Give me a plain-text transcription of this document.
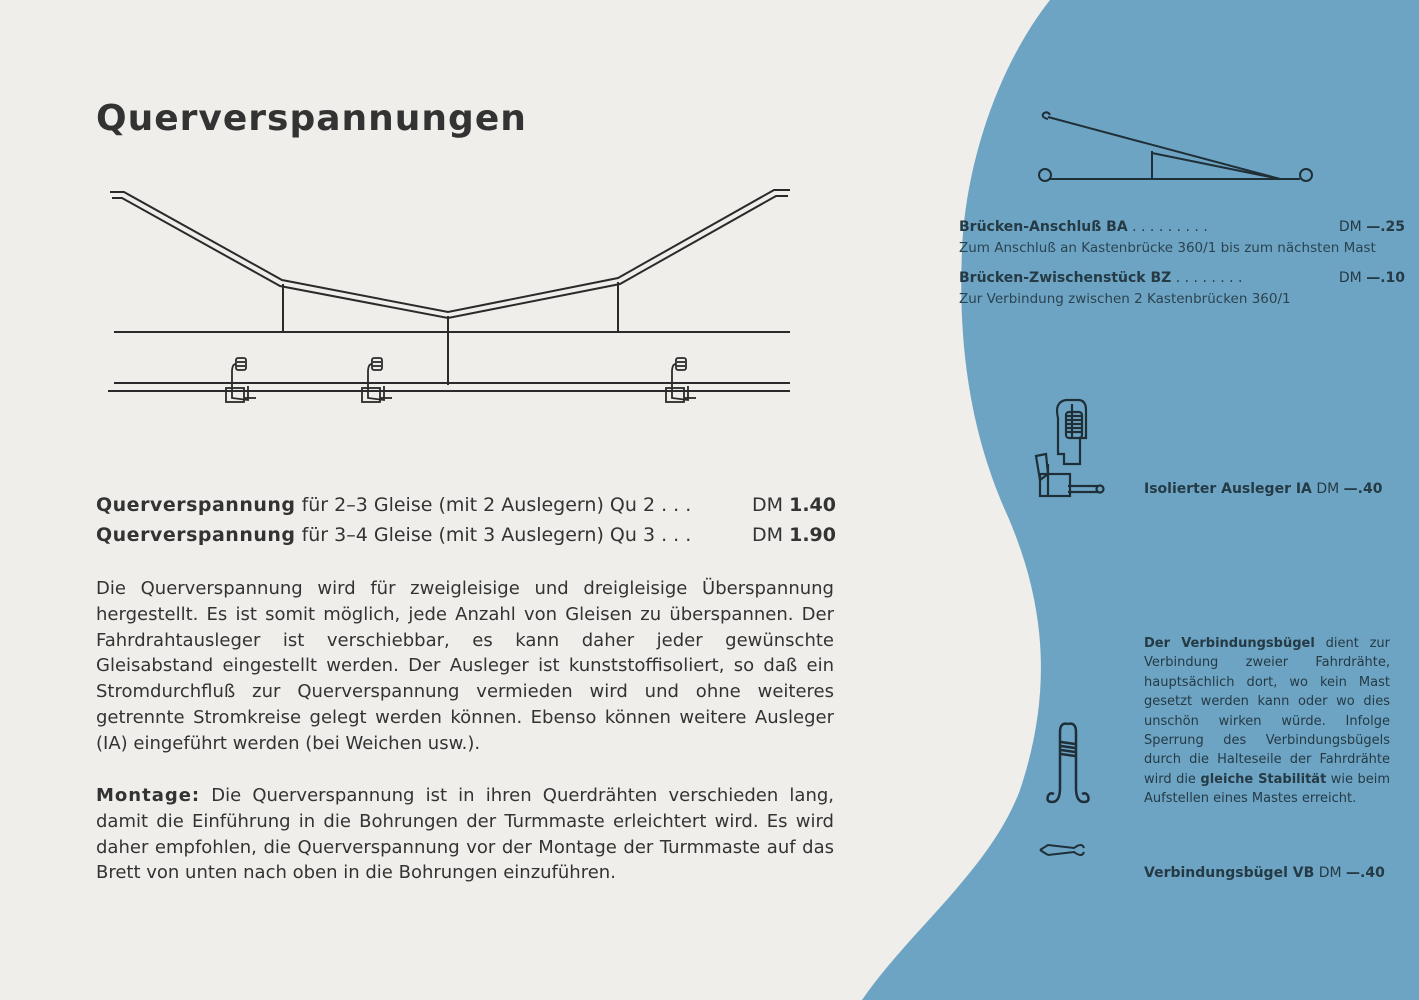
Querverspannungen
Querverspannung für 2–3 Gleise (mit 2 Auslegern) Qu 2 . . .	DM 1.40
Querverspannung für 3–4 Gleise (mit 3 Auslegern) Qu 3 . . .	DM 1.90

Die Querverspannung wird für zweigleisige und dreigleisige Überspannung hergestellt. Es ist somit möglich, jede Anzahl von Gleisen zu überspannen. Der Fahrdrahtausleger ist verschiebbar, es kann daher jeder gewünschte Gleisabstand eingestellt werden. Der Ausleger ist kunststoffisoliert, so daß ein Stromdurchfluß zur Querverspannung vermieden wird und ohne weiteres getrennte Stromkreise gelegt werden können. Ebenso können weitere Ausleger (IA) eingeführt werden (bei Weichen usw.).

Montage: Die Querverspannung ist in ihren Querdrähten verschieden lang, damit die Einführung in die Bohrungen der Turmmaste erleichtert wird. Es wird daher empfohlen, die Querverspannung vor der Montage der Turmmaste auf das Brett von unten nach oben in die Bohrungen einzuführen.

Brücken-Anschluß BA . . . . . . . . .	DM —.25
Zum Anschluß an Kastenbrücke 360/1 bis zum nächsten Mast
Brücken-Zwischenstück BZ . . . . . . . .	DM —.10
Zur Verbindung zwischen 2 Kastenbrücken 360/1
Isolierter Ausleger IA DM —.40

Der Verbindungsbügel dient zur Verbindung zweier Fahrdrähte, hauptsächlich dort, wo kein Mast gesetzt werden kann oder wo dies unschön wirken würde. Infolge Sperrung des Verbindungsbügels durch die Halteseile der Fahrdrähte wird die gleiche Stabilität wie beim Aufstellen eines Mastes erreicht.

Verbindungsbügel VB DM —.40
